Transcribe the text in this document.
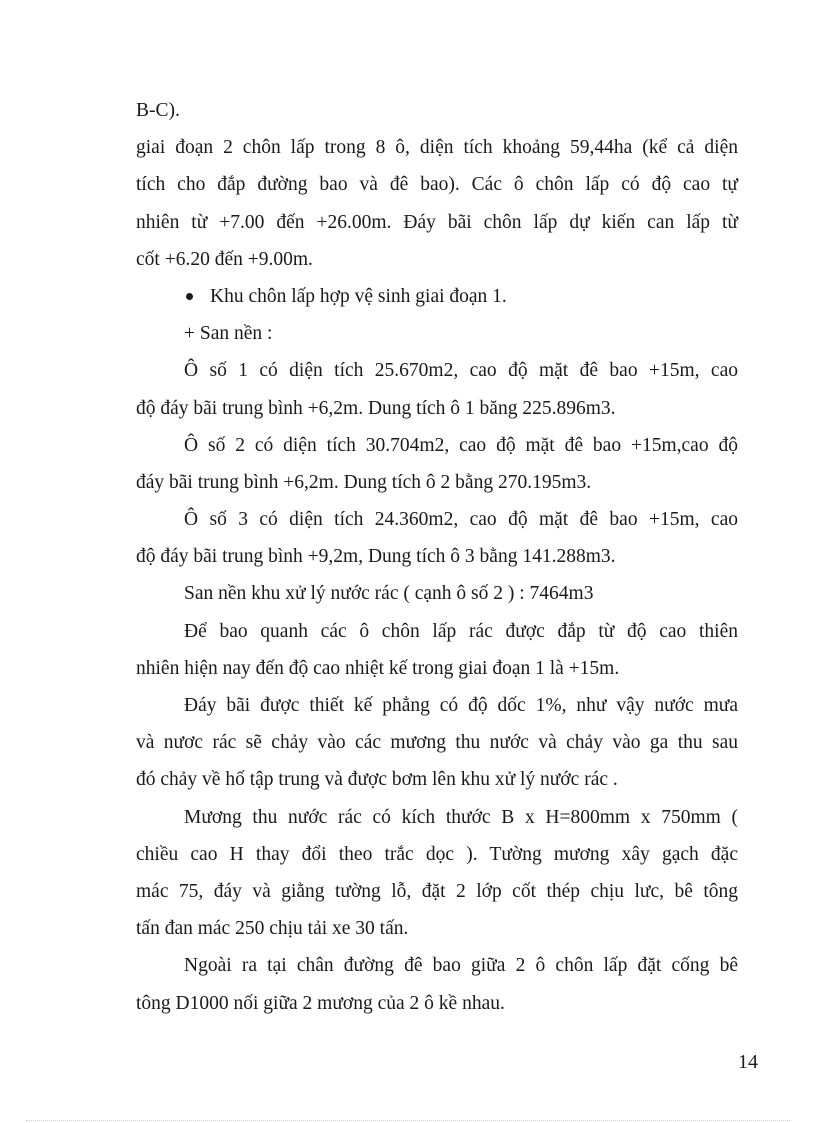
B-C).
giai đoạn 2 chôn lấp trong 8 ô, diện tích khoảng 59,44ha (kể cả diện
tích cho đắp đường bao và đê bao). Các ô chôn lấp có độ cao tự
nhiên từ +7.00 đến +26.00m. Đáy bãi chôn lấp dự kiến can lấp từ
cốt +6.20 đến +9.00m.
Khu chôn lấp hợp vệ sinh giai đoạn 1.
+ San nền :
Ô số 1 có diện tích 25.670m2, cao độ mặt đê bao +15m, cao
độ đáy bãi trung bình +6,2m. Dung tích ô 1 băng 225.896m3.
Ô số 2 có diện tích 30.704m2, cao độ mặt đê bao +15m,cao độ
đáy bãi trung bình +6,2m. Dung tích ô 2 bằng 270.195m3.
Ô số 3 có diện tích 24.360m2, cao độ mặt đê bao +15m, cao
độ đáy bãi trung bình +9,2m, Dung tích ô 3 bằng 141.288m3.
San nền khu xử lý nước rác ( cạnh ô số 2 ) : 7464m3
Để bao quanh các ô chôn lấp rác được đắp từ độ cao thiên
nhiên hiện nay đến độ cao nhiệt kế trong giai đoạn 1 là +15m.
Đáy bãi được thiết kế phẳng có độ dốc 1%, như vậy nước mưa
và nươc rác sẽ chảy vào các mương thu nước và chảy vào ga thu sau
đó chảy về hố tập trung và được bơm lên khu xử lý nước rác .
Mương thu nước rác có kích thước B x H=800mm x 750mm (
chiều cao H thay đổi theo trắc dọc ). Tường mương xây gạch đặc
mác 75, đáy và giằng tường lỗ, đặt 2 lớp cốt thép chịu lưc, bê tông
tấn đan mác 250 chịu tải xe 30 tấn.
Ngoài ra tại chân đường đê bao giữa 2 ô chôn lấp đặt cống bê
tông D1000 nối giữa 2 mương của 2 ô kề nhau.
14
